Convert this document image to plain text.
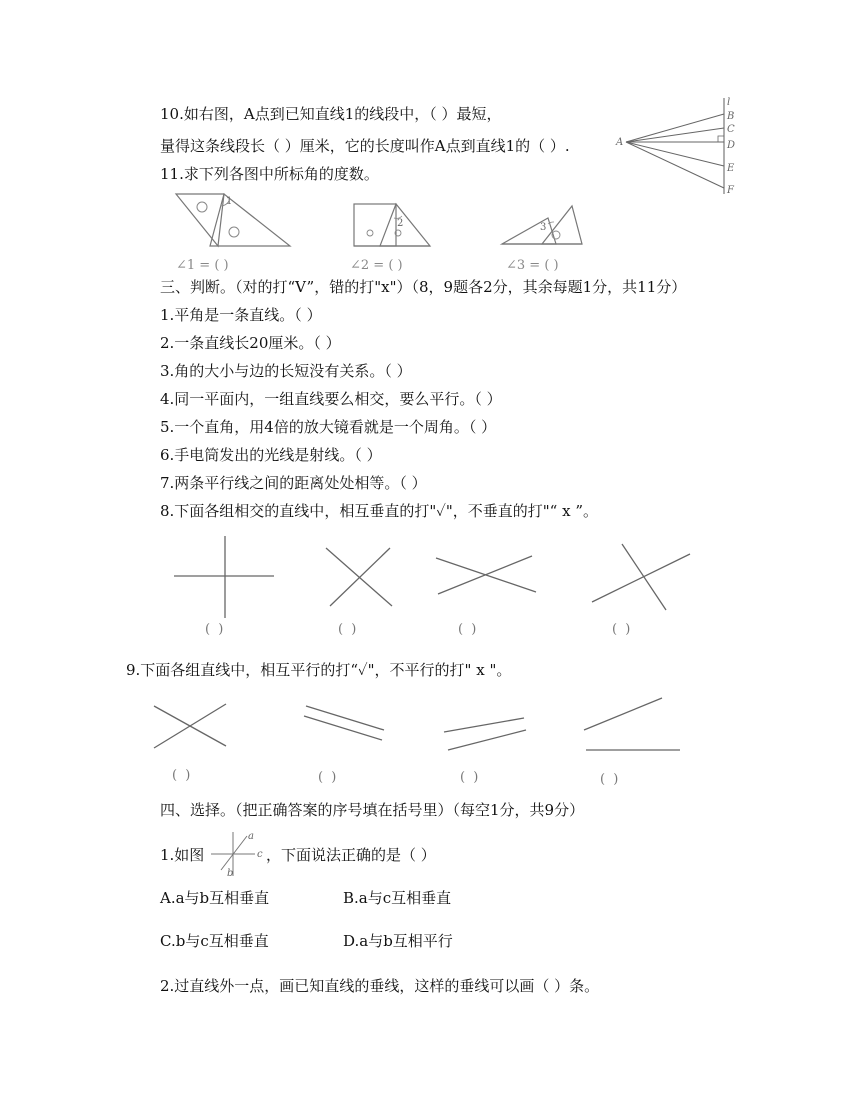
10.如右图，A点到已知直线1的线段中，（ ）最短，
量得这条线段长（ ）厘米，它的长度叫作A点到直线1的（ ）.	A
l
B
C
D
E
F
11.求下列各图中所标角的度数。
1
∠1 = ( )
2
∠2 = ( )
3
∠3 = ( )
三、判断。（对的打“V”，错的打"x"）（8，9题各2分，其余每题1分，共11分）
1.平角是一条直线。（ ）
2.一条直线长20厘米。（ ）
3.角的大小与边的长短没有关系。（ ）
4.同一平面内，一组直线要么相交，要么平行。（ ）
5.一个直角，用4倍的放大镜看就是一个周角。（ ）
6.手电筒发出的光线是射线。（ ）
7.两条平行线之间的距离处处相等。（ ）
8.下面各组相交的直线中，相互垂直的打"✓"，不垂直的打"“ x ”。
( )	( )	( )	( )
9.下面各组直线中，相互平行的打“✓"，不平行的打" x "。
( )	( )	( )	( )
四、选择。（把正确答案的序号填在括号里）（每空1分，共9分）
1.如图
a
b
c ，下面说法正确的是（ ）
A.a与b互相垂直	B.a与c互相垂直
C.b与c互相垂直	D.a与b互相平行
2.过直线外一点，画已知直线的垂线，这样的垂线可以画（ ）条。
